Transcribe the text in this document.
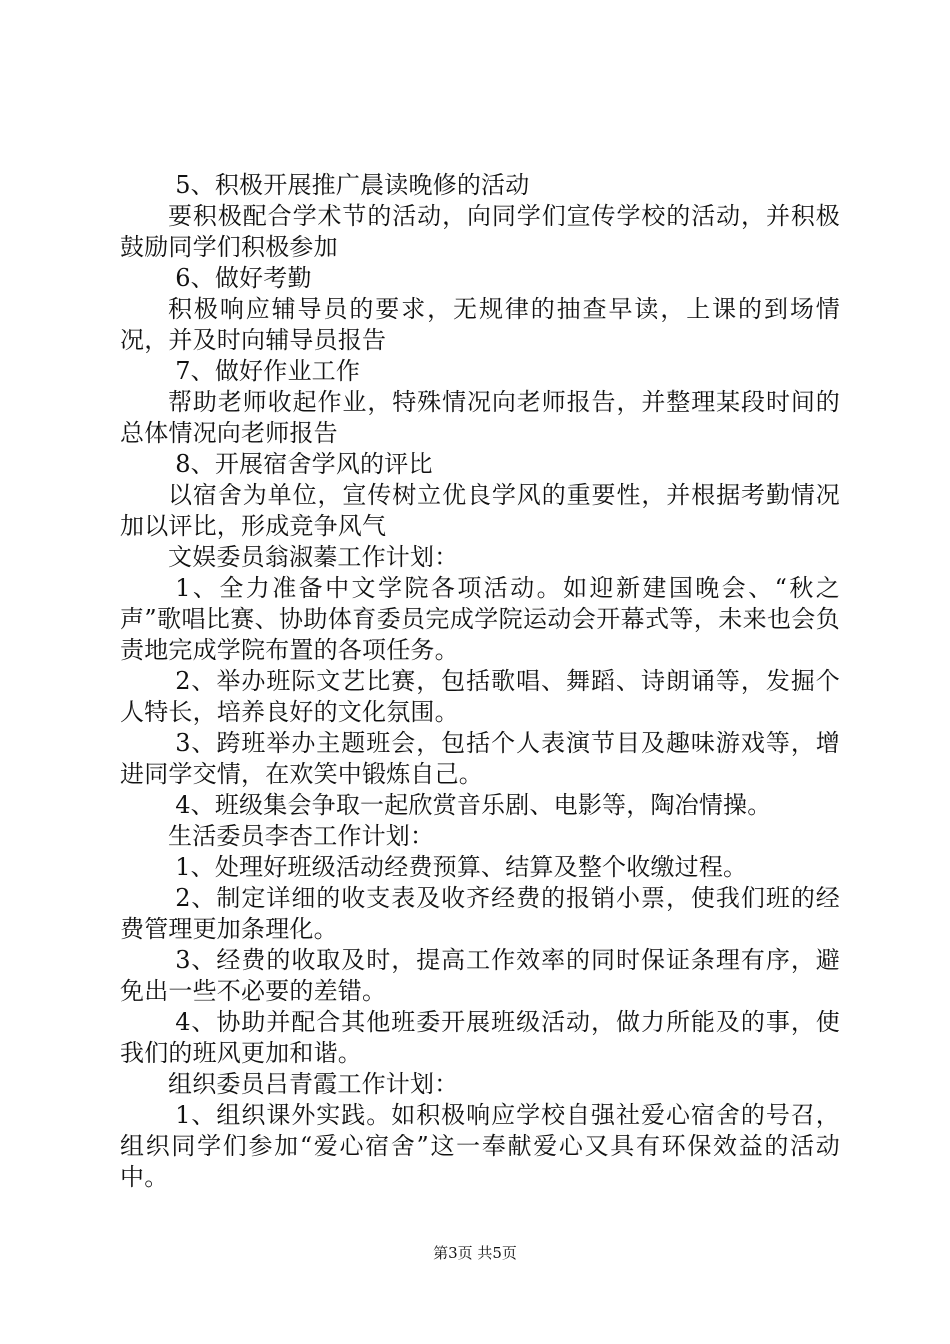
5、积极开展推广晨读晚修的活动

要积极配合学术节的活动，向同学们宣传学校的活动，并积极鼓励同学们积极参加

6、做好考勤

积极响应辅导员的要求，无规律的抽查早读，上课的到场情况，并及时向辅导员报告

7、做好作业工作

帮助老师收起作业，特殊情况向老师报告，并整理某段时间的总体情况向老师报告

8、开展宿舍学风的评比

以宿舍为单位，宣传树立优良学风的重要性，并根据考勤情况加以评比，形成竞争风气

文娱委员翁淑蓁工作计划：

1、全力准备中文学院各项活动。如迎新建国晚会、“秋之声”歌唱比赛、协助体育委员完成学院运动会开幕式等，未来也会负责地完成学院布置的各项任务。

2、举办班际文艺比赛，包括歌唱、舞蹈、诗朗诵等，发掘个人特长，培养良好的文化氛围。

3、跨班举办主题班会，包括个人表演节目及趣味游戏等，增进同学交情，在欢笑中锻炼自己。

4、班级集会争取一起欣赏音乐剧、电影等，陶冶情操。

生活委员李杏工作计划：

1、处理好班级活动经费预算、结算及整个收缴过程。

2、制定详细的收支表及收齐经费的报销小票，使我们班的经费管理更加条理化。

3、经费的收取及时，提高工作效率的同时保证条理有序，避免出一些不必要的差错。

4、协助并配合其他班委开展班级活动，做力所能及的事，使我们的班风更加和谐。

组织委员吕青霞工作计划：

1、组织课外实践。如积极响应学校自强社爱心宿舍的号召，组织同学们参加“爱心宿舍”这一奉献爱心又具有环保效益的活动中。

第3页 共5页
